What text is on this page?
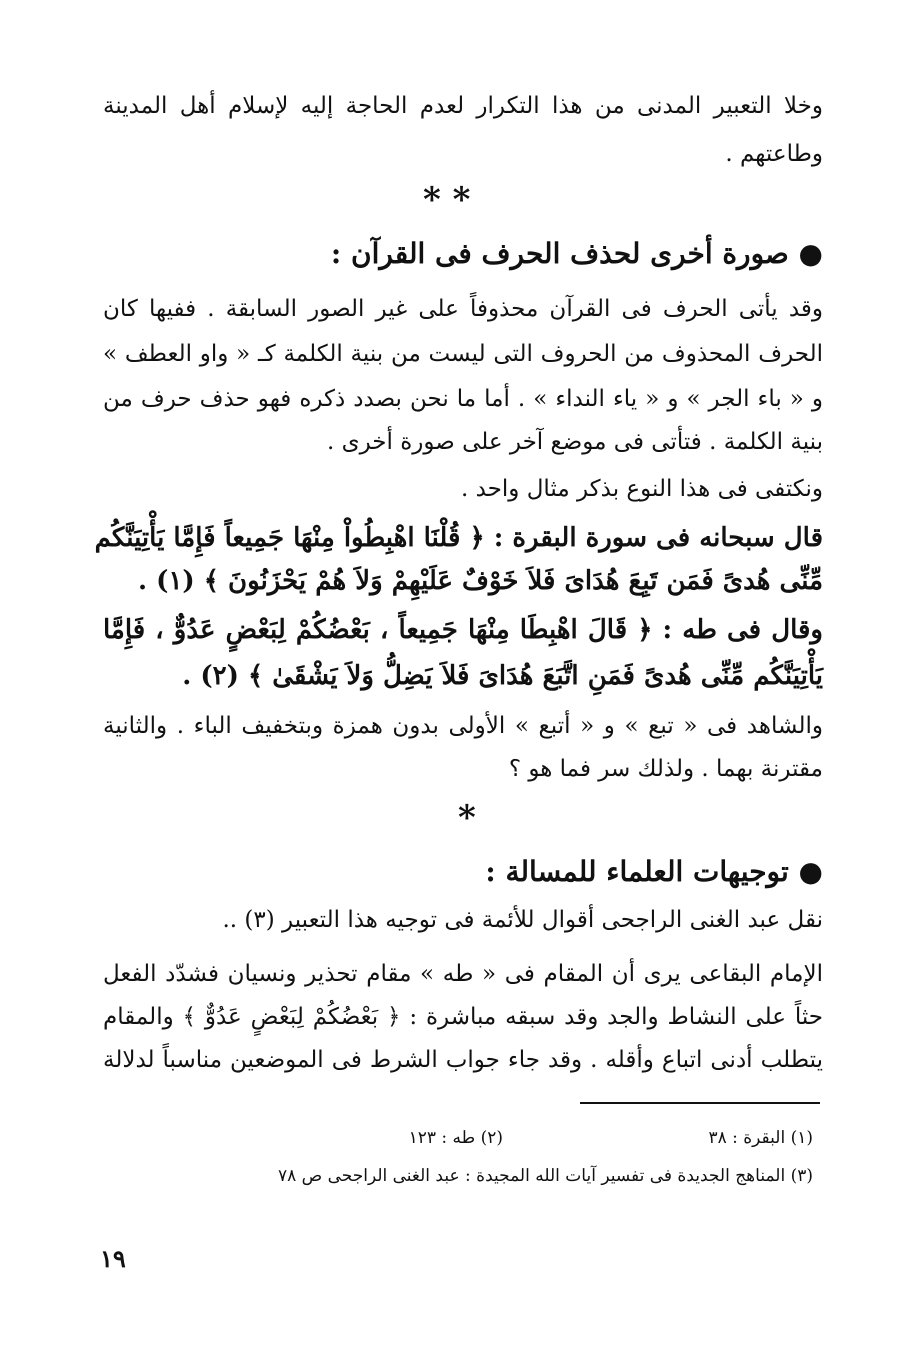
وخلا التعبير المدنى من هذا التكرار لعدم الحاجة إليه لإسلام أهل المدينة
وطاعتهم .
* *
● صورة أخرى لحذف الحرف فى القرآن :
وقد يأتى الحرف فى القرآن محذوفاً على غير الصور السابقة . ففيها كان
الحرف المحذوف من الحروف التى ليست من بنية الكلمة كـ « واو العطف »
و « باء الجر » و « ياء النداء » . أما ما نحن بصدد ذكره فهو حذف حرف من
بنية الكلمة . فتأتى فى موضع آخر على صورة أخرى .
ونكتفى فى هذا النوع بذكر مثال واحد .
قال سبحانه فى سورة البقرة : ﴿ قُلْنَا اهْبِطُواْ مِنْهَا جَمِيعاً فَإِمَّا يَأْتِيَنَّكُم
مِّنِّى هُدىً فَمَن تَبِعَ هُدَاىَ فَلاَ خَوْفٌ عَلَيْهِمْ وَلاَ هُمْ يَحْزَنُونَ ﴾ (١) .
وقال فى طه : ﴿ قَالَ اهْبِطَا مِنْهَا جَمِيعاً ، بَعْضُكُمْ لِبَعْضٍ عَدُوٌّ ، فَإِمَّا
يَأْتِيَنَّكُم مِّنِّى هُدىً فَمَنِ اتَّبَعَ هُدَاىَ فَلاَ يَضِلُّ وَلاَ يَشْقَىٰ ﴾ (٢) .
والشاهد فى « تبع » و « أتبع » الأولى بدون همزة وبتخفيف الباء . والثانية
مقترنة بهما . ولذلك سر فما هو ؟
*
● توجيهات العلماء للمسالة :
نقل عبد الغنى الراجحى أقوال للأئمة فى توجيه هذا التعبير (٣) ..
الإمام البقاعى يرى أن المقام فى « طه » مقام تحذير ونسيان فشدّد الفعل
حثاً على النشاط والجد وقد سبقه مباشرة : ﴿ بَعْضُكُمْ لِبَعْضٍ عَدُوٌّ ﴾ والمقام
يتطلب أدنى اتباع وأقله . وقد جاء جواب الشرط فى الموضعين مناسباً لدلالة
(١) البقرة : ٣٨
(٢) طه : ١٢٣
(٣) المناهج الجديدة فى تفسير آيات الله المجيدة : عبد الغنى الراجحى ص ٧٨
١٩
